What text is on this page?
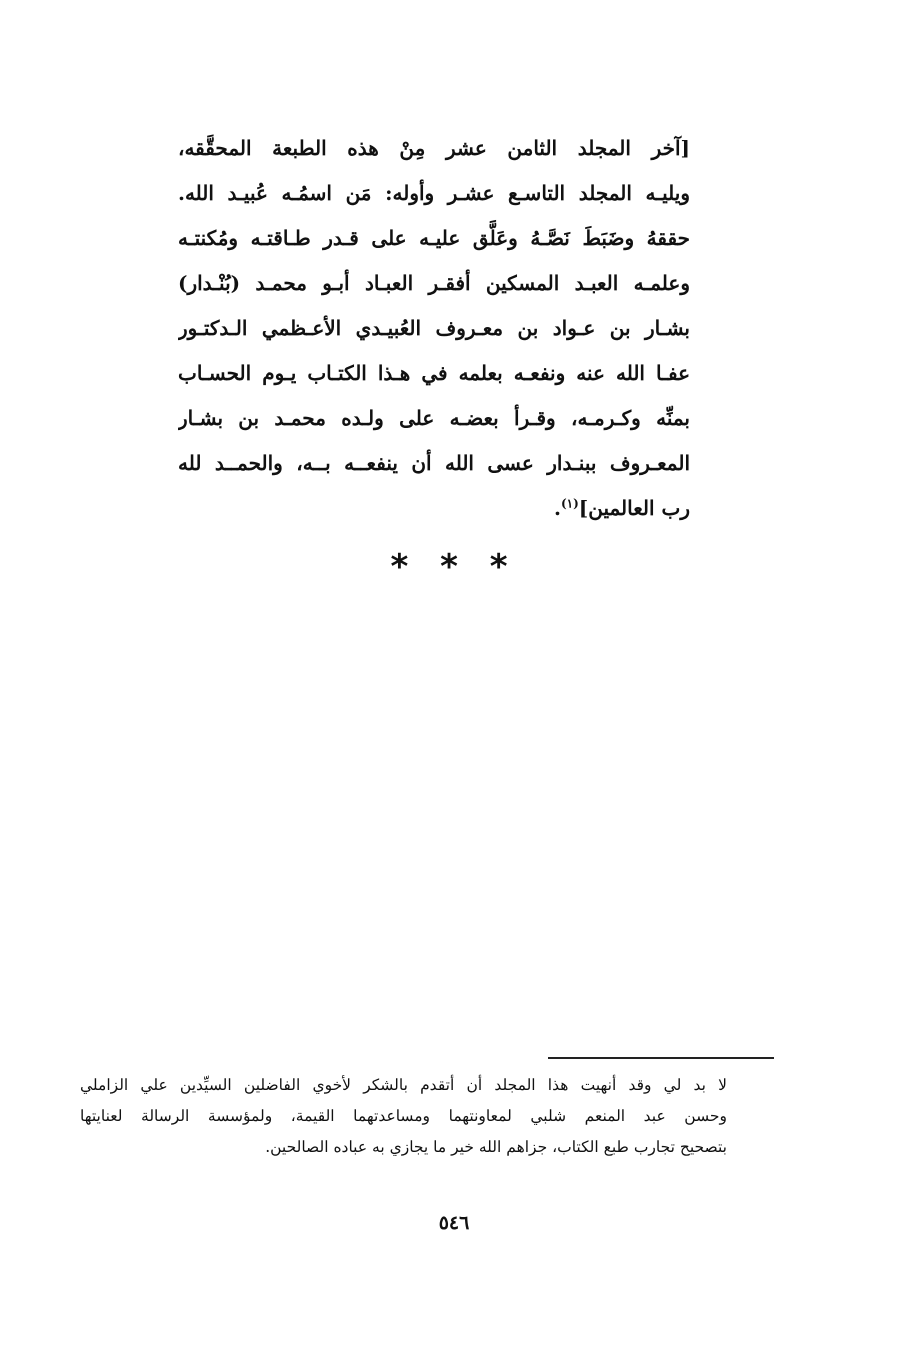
[آخر المجلد الثامن عشر مِنْ هذه الطبعة المحقَّقه،
ويليـه المجلد التاسـع عشـر وأوله: مَن اسمُـه عُبيـد الله.
حققهُ وضَبَطَ نَصَّـهُ وعَلَّق عليـه على قـدر طـاقتـه ومُكنتـه
وعلمـه العبـد المسكين أفقـر العبـاد أبـو محمـد (بُنْـدار)
بشـار بن عـواد بن معـروف العُبيـدي الأعـظمي الـدكتـور
عفـا الله عنه ونفعـه بعلمه في هـذا الكتـاب يـوم الحسـاب
بمنِّه وكـرمـه، وقـرأ بعضـه على ولـده محمـد بن بشـار
المعـروف ببنـدار عسى الله أن ينفعــه بــه، والحمــد لله
رب العالمين]$^{(١)}$.
* * *
لا بد لي وقد أنهيت هذا المجلد أن أتقدم بالشكر لأخوي الفاضلين السيِّدين علي الزاملي
وحسن عبد المنعم شلبي لمعاونتهما ومساعدتهما القيمة، ولمؤسسة الرسالة لعنايتها
بتصحيح تجارب طبع الكتاب، جزاهم الله خير ما يجازي به عباده الصالحين.
٥٤٦
